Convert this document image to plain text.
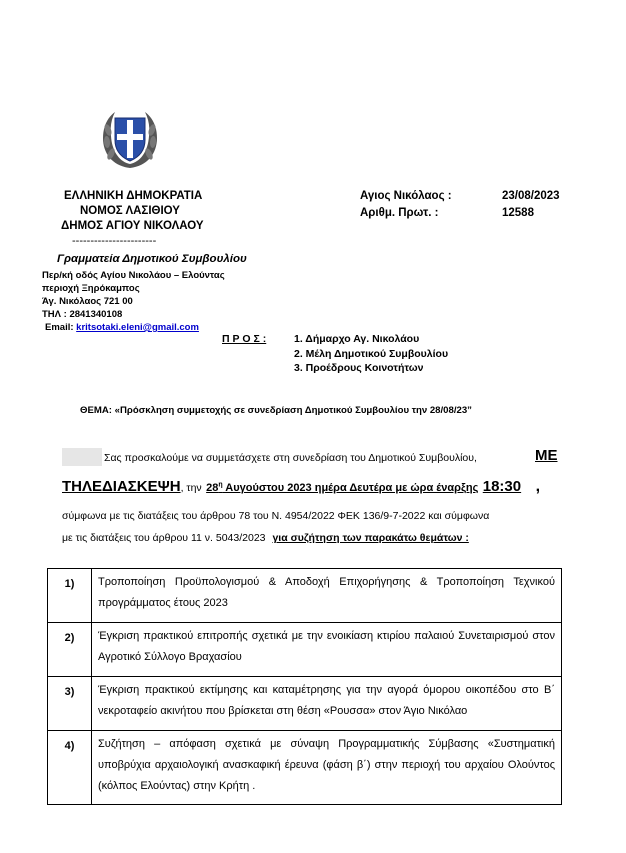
ΕΛΛΗΝΙΚΗ ΔΗΜΟΚΡΑΤΙΑ
ΝΟΜΟΣ ΛΑΣΙΘΙΟΥ
ΔΗΜΟΣ ΑΓΙΟΥ ΝΙΚΟΛΑΟΥ
-----------------------
Γραμματεία Δημοτικού Συμβουλίου
Περ/κή οδός Αγίου Νικολάου – Ελούντας
περιοχή Ξηρόκαμπος
Άγ. Νικόλαος 721 00
ΤΗΛ : 2841340108
Email: kritsotaki.eleni@gmail.com
Αγιος Νικόλαος :	23/08/2023
Αριθμ. Πρωτ. :	12588
Π Ρ Ο Σ :	1. Δήμαρχο Αγ. Νικολάου
2. Μέλη Δημοτικού Συμβουλίου
3. Προέδρους Κοινοτήτων
ΘΕΜΑ: «Πρόσκληση συμμετοχής σε συνεδρίαση Δημοτικού Συμβουλίου την 28/08/23”
Σας προσκαλούμε να συμμετάσχετε στη συνεδρίαση του Δημοτικού Συμβουλίου,	ΜΕ
ΤΗΛΕΔΙΑΣΚΕΨΗ, την $28^\eta$ Αυγούστου 2023 ημέρα Δευτέρα με ώρα έναρξης 18:30 ,
σύμφωνα με τις διατάξεις του άρθρου 78 του Ν. 4954/2022 ΦΕΚ 136/9-7-2022 και σύμφωνα
με τις διατάξεις του άρθρου 11 ν. 5043/2023 για συζήτηση των παρακάτω θεμάτων :
1)	Τροποποίηση Προϋπολογισμού & Αποδοχή Επιχορήγησης & Τροποποίηση Τεχνικού προγράμματος έτους 2023
2)	Έγκριση πρακτικού επιτροπής σχετικά με την ενοικίαση κτιρίου παλαιού Συνεταιρισμού στον Αγροτικό Σύλλογο Βραχασίου
3)	Έγκριση πρακτικού εκτίμησης και καταμέτρησης για την αγορά όμορου οικοπέδου στο Β΄ νεκροταφείο ακινήτου που βρίσκεται στη θέση «Ρουσσα» στον Άγιο Νικόλαο
4)	Συζήτηση – απόφαση σχετικά με σύναψη Προγραμματικής Σύμβασης «Συστηματική υποβρύχια αρχαιολογική ανασκαφική έρευνα (φάση β΄) στην περιοχή του αρχαίου Ολούντος (κόλπος Ελούντας) στην Κρήτη .
